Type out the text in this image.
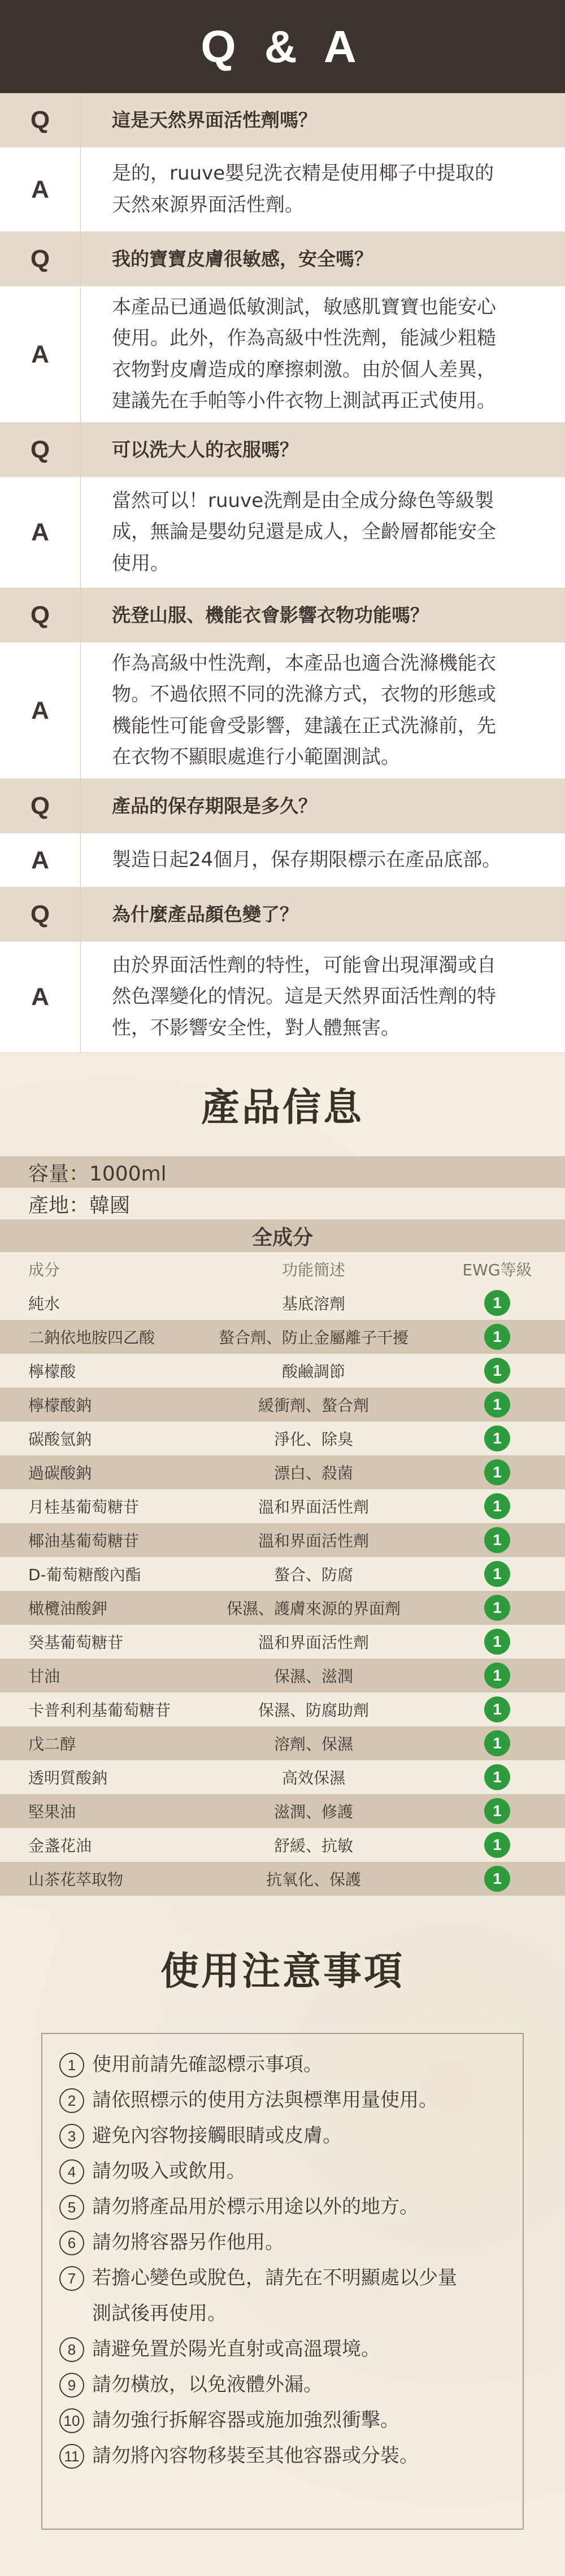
Q & A
Q	這是天然界面活性劑嗎？
A
是的，ruuve嬰兒洗衣精是使用椰子中提取的
天然來源界面活性劑。
Q	我的寶寶皮膚很敏感，安全嗎？
A
本產品已通過低敏測試，敏感肌寶寶也能安心
使用。此外，作為高級中性洗劑，能減少粗糙
衣物對皮膚造成的摩擦刺激。由於個人差異，
建議先在手帕等小件衣物上測試再正式使用。
Q	可以洗大人的衣服嗎？
A
當然可以！ruuve洗劑是由全成分綠色等級製
成，無論是嬰幼兒還是成人，全齡層都能安全
使用。
Q	洗登山服、機能衣會影響衣物功能嗎？
A
作為高級中性洗劑，本產品也適合洗滌機能衣
物。不過依照不同的洗滌方式，衣物的形態或
機能性可能會受影響，建議在正式洗滌前，先
在衣物不顯眼處進行小範圍測試。
Q	產品的保存期限是多久？
A	製造日起24個月，保存期限標示在產品底部。
Q	為什麼產品顏色變了？
A
由於界面活性劑的特性，可能會出現渾濁或自
然色澤變化的情況。這是天然界面活性劑的特
性，不影響安全性，對人體無害。
產品信息
容量：1000ml
產地：韓國
全成分
成分	功能簡述	EWG等級
純水	基底溶劑	1
二鈉依地胺四乙酸	螯合劑、防止金屬離子干擾	1
檸檬酸	酸鹼調節	1
檸檬酸鈉	緩衝劑、螯合劑	1
碳酸氫鈉	淨化、除臭	1
過碳酸鈉	漂白、殺菌	1
月桂基葡萄糖苷	溫和界面活性劑	1
椰油基葡萄糖苷	溫和界面活性劑	1
D-葡萄糖酸內酯	螯合、防腐	1
橄欖油酸鉀	保濕、護膚來源的界面劑	1
癸基葡萄糖苷	溫和界面活性劑	1
甘油	保濕、滋潤	1
卡普利利基葡萄糖苷	保濕、防腐助劑	1
戊二醇	溶劑、保濕	1
透明質酸鈉	高效保濕	1
堅果油	滋潤、修護	1
金盞花油	舒緩、抗敏	1
山茶花萃取物	抗氧化、保護	1
使用注意事項
1 使用前請先確認標示事項。
2 請依照標示的使用方法與標準用量使用。
3 避免內容物接觸眼睛或皮膚。
4 請勿吸入或飲用。
5 請勿將產品用於標示用途以外的地方。
6 請勿將容器另作他用。
7 若擔心變色或脫色，請先在不明顯處以少量
測試後再使用。
8 請避免置於陽光直射或高溫環境。
9 請勿橫放，以免液體外漏。
10 請勿強行拆解容器或施加強烈衝擊。
11 請勿將內容物移裝至其他容器或分裝。
